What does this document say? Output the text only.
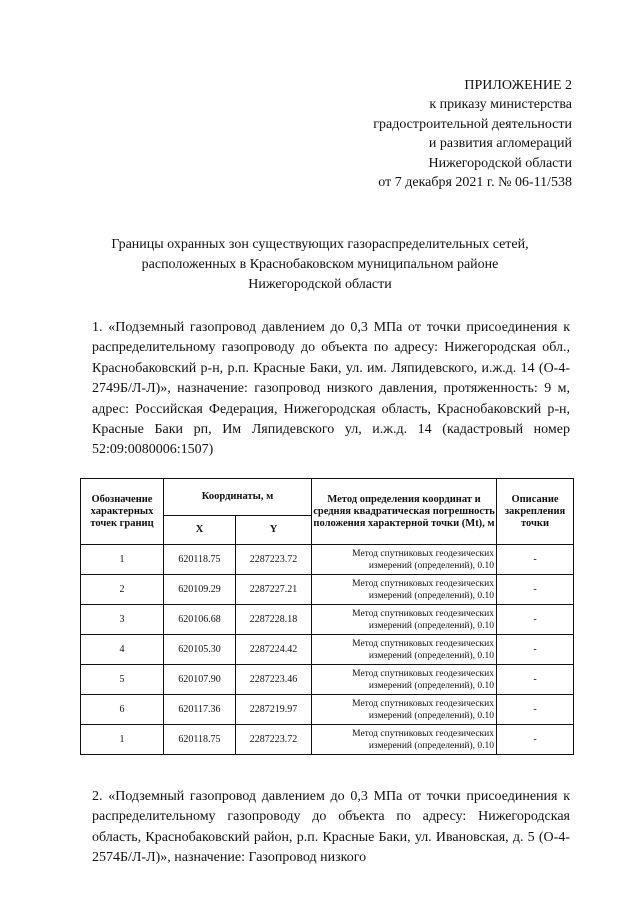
ПРИЛОЖЕНИЕ 2
к приказу министерства
градостроительной деятельности
и развития агломераций
Нижегородской области
от 7 декабря 2021 г. № 06-11/538
Границы охранных зон существующих газораспределительных сетей,
расположенных в Краснобаковском муниципальном районе
Нижегородской области
1. «Подземный газопровод давлением до 0,3 МПа от точки присоединения к распределительному газопроводу до объекта по адресу: Нижегородская обл., Краснобаковский р-н, р.п. Красные Баки, ул. им. Ляпидевского, и.ж.д. 14 (О-4-2749Б/Л-Л)», назначение: газопровод низкого давления, протяженность: 9 м, адрес: Российская Федерация, Нижегородская область, Краснобаковский р-н, Красные Баки рп, Им Ляпидевского ул, и.ж.д. 14 (кадастровый номер 52:09:0080006:1507)
Обозначение характерных точек границ	Координаты, м		Метод определения координат и средняя квадратическая погрешность положения характерной точки (Mt), м	Описание закрепления точки
	X	Y		
1	620118.75	2287223.72	Метод спутниковых геодезических измерений (определений), 0.10	-
2	620109.29	2287227.21	Метод спутниковых геодезических измерений (определений), 0.10	-
3	620106.68	2287228.18	Метод спутниковых геодезических измерений (определений), 0.10	-
4	620105.30	2287224.42	Метод спутниковых геодезических измерений (определений), 0.10	-
5	620107.90	2287223.46	Метод спутниковых геодезических измерений (определений), 0.10	-
6	620117.36	2287219.97	Метод спутниковых геодезических измерений (определений), 0.10	-
1	620118.75	2287223.72	Метод спутниковых геодезических измерений (определений), 0.10	-
2. «Подземный газопровод давлением до 0,3 МПа от точки присоединения к распределительному газопроводу до объекта по адресу: Нижегородская область, Краснобаковский район, р.п. Красные Баки, ул. Ивановская, д. 5 (О-4-2574Б/Л-Л)», назначение: Газопровод низкого
